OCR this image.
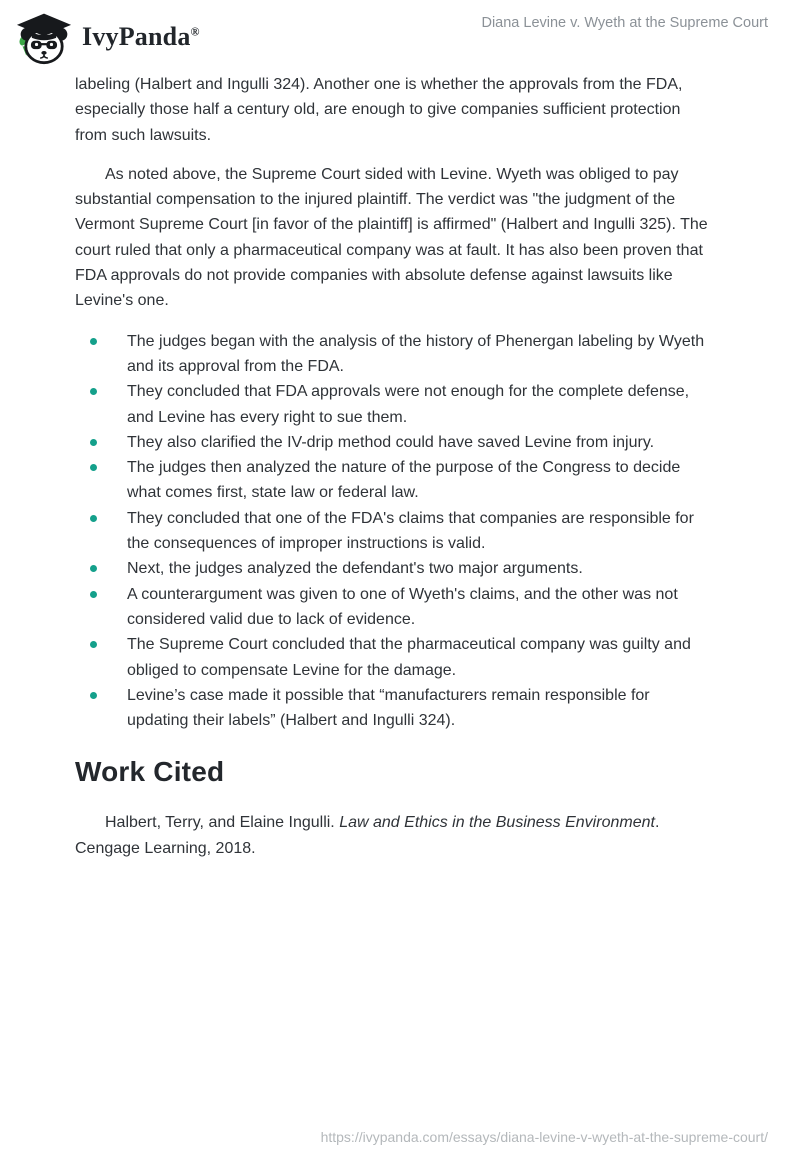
IvyPanda®
Diana Levine v. Wyeth at the Supreme Court

labeling (Halbert and Ingulli 324). Another one is whether the approvals from the FDA, especially those half a century old, are enough to give companies sufficient protection from such lawsuits.

As noted above, the Supreme Court sided with Levine. Wyeth was obliged to pay substantial compensation to the injured plaintiff. The verdict was "the judgment of the Vermont Supreme Court [in favor of the plaintiff] is affirmed" (Halbert and Ingulli 325). The court ruled that only a pharmaceutical company was at fault. It has also been proven that FDA approvals do not provide companies with absolute defense against lawsuits like Levine's one.

The judges began with the analysis of the history of Phenergan labeling by Wyeth and its approval from the FDA.
They concluded that FDA approvals were not enough for the complete defense, and Levine has every right to sue them.
They also clarified the IV-drip method could have saved Levine from injury.
The judges then analyzed the nature of the purpose of the Congress to decide what comes first, state law or federal law.
They concluded that one of the FDA's claims that companies are responsible for the consequences of improper instructions is valid.
Next, the judges analyzed the defendant's two major arguments.
A counterargument was given to one of Wyeth's claims, and the other was not considered valid due to lack of evidence.
The Supreme Court concluded that the pharmaceutical company was guilty and obliged to compensate Levine for the damage.
Levine’s case made it possible that “manufacturers remain responsible for updating their labels” (Halbert and Ingulli 324).
Work Cited

Halbert, Terry, and Elaine Ingulli. Law and Ethics in the Business Environment. Cengage Learning, 2018.

https://ivypanda.com/essays/diana-levine-v-wyeth-at-the-supreme-court/
